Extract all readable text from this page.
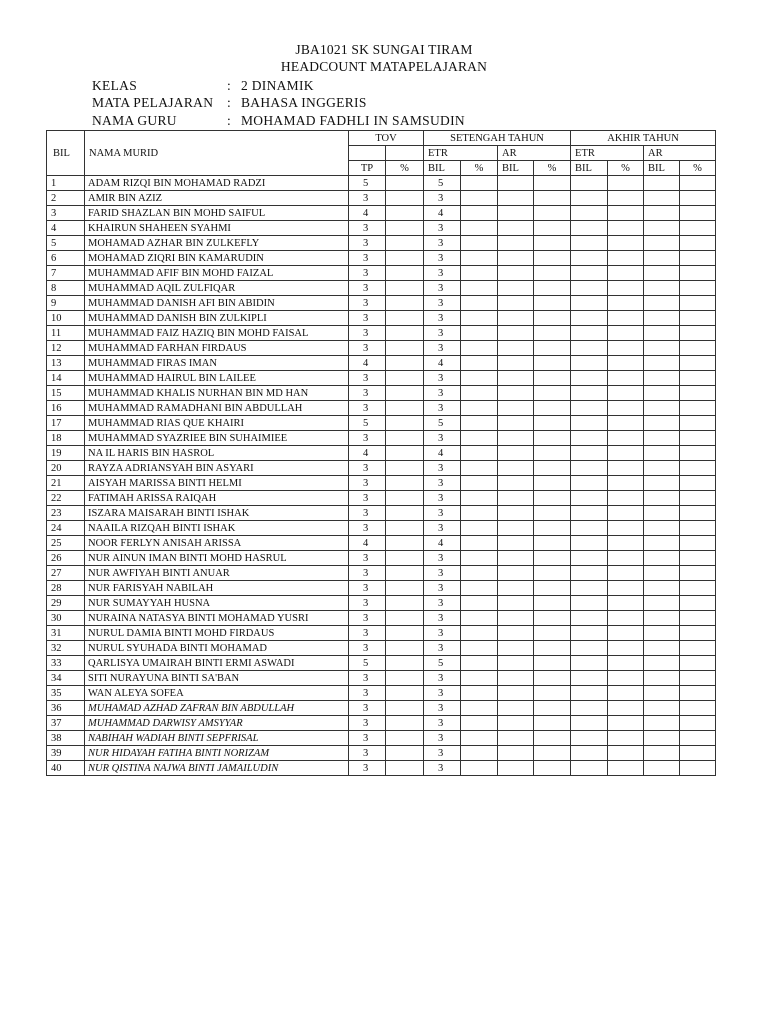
JBA1021 SK SUNGAI TIRAM
HEADCOUNT MATAPELAJARAN
KELAS	: 2 DINAMIK
MATA PELAJARAN : BAHASA INGGERIS
NAMA GURU	: MOHAMAD FADHLI IN SAMSUDIN
BIL	NAMA MURID	TOV		SETENGAH TAHUN				AKHIR TAHUN			
				ETR		AR		ETR		AR	
		TP	%	BIL	%	BIL	%	BIL	%	BIL	%
1	ADAM RIZQI BIN MOHAMAD RADZI	5		5							
2	AMIR BIN AZIZ	3		3							
3	FARID SHAZLAN BIN MOHD SAIFUL	4		4							
4	KHAIRUN SHAHEEN SYAHMI	3		3							
5	MOHAMAD AZHAR BIN ZULKEFLY	3		3							
6	MOHAMAD ZIQRI BIN KAMARUDIN	3		3							
7	MUHAMMAD AFIF BIN MOHD FAIZAL	3		3							
8	MUHAMMAD AQIL ZULFIQAR	3		3							
9	MUHAMMAD DANISH AFI BIN ABIDIN	3		3							
10	MUHAMMAD DANISH BIN ZULKIPLI	3		3							
11	MUHAMMAD FAIZ HAZIQ BIN MOHD FAISAL	3		3							
12	MUHAMMAD FARHAN FIRDAUS	3		3							
13	MUHAMMAD FIRAS IMAN	4		4							
14	MUHAMMAD HAIRUL BIN LAILEE	3		3							
15	MUHAMMAD KHALIS NURHAN BIN MD HAN	3		3							
16	MUHAMMAD RAMADHANI BIN ABDULLAH	3		3							
17	MUHAMMAD RIAS QUE KHAIRI	5		5							
18	MUHAMMAD SYAZRIEE BIN SUHAIMIEE	3		3							
19	NA IL HARIS BIN HASROL	4		4							
20	RAYZA ADRIANSYAH BIN ASYARI	3		3							
21	AISYAH MARISSA BINTI HELMI	3		3							
22	FATIMAH ARISSA RAIQAH	3		3							
23	ISZARA MAISARAH BINTI ISHAK	3		3							
24	NAAILA RIZQAH BINTI ISHAK	3		3							
25	NOOR FERLYN ANISAH ARISSA	4		4							
26	NUR AINUN IMAN BINTI MOHD HASRUL	3		3							
27	NUR AWFIYAH BINTI ANUAR	3		3							
28	NUR FARISYAH NABILAH	3		3							
29	NUR SUMAYYAH HUSNA	3		3							
30	NURAINA NATASYA BINTI MOHAMAD YUSRI	3		3							
31	NURUL DAMIA BINTI MOHD FIRDAUS	3		3							
32	NURUL SYUHADA BINTI MOHAMAD	3		3							
33	QARLISYA UMAIRAH BINTI ERMI ASWADI	5		5							
34	SITI NURAYUNA BINTI SA'BAN	3		3							
35	WAN ALEYA SOFEA	3		3							
36	MUHAMAD AZHAD ZAFRAN BIN ABDULLAH	3		3							
37	MUHAMMAD DARWISY AMSYYAR	3		3							
38	NABIHAH WADIAH BINTI SEPFRISAL	3		3							
39	NUR HIDAYAH FATIHA BINTI NORIZAM	3		3							
40	NUR QISTINA NAJWA BINTI JAMAILUDIN	3		3							
